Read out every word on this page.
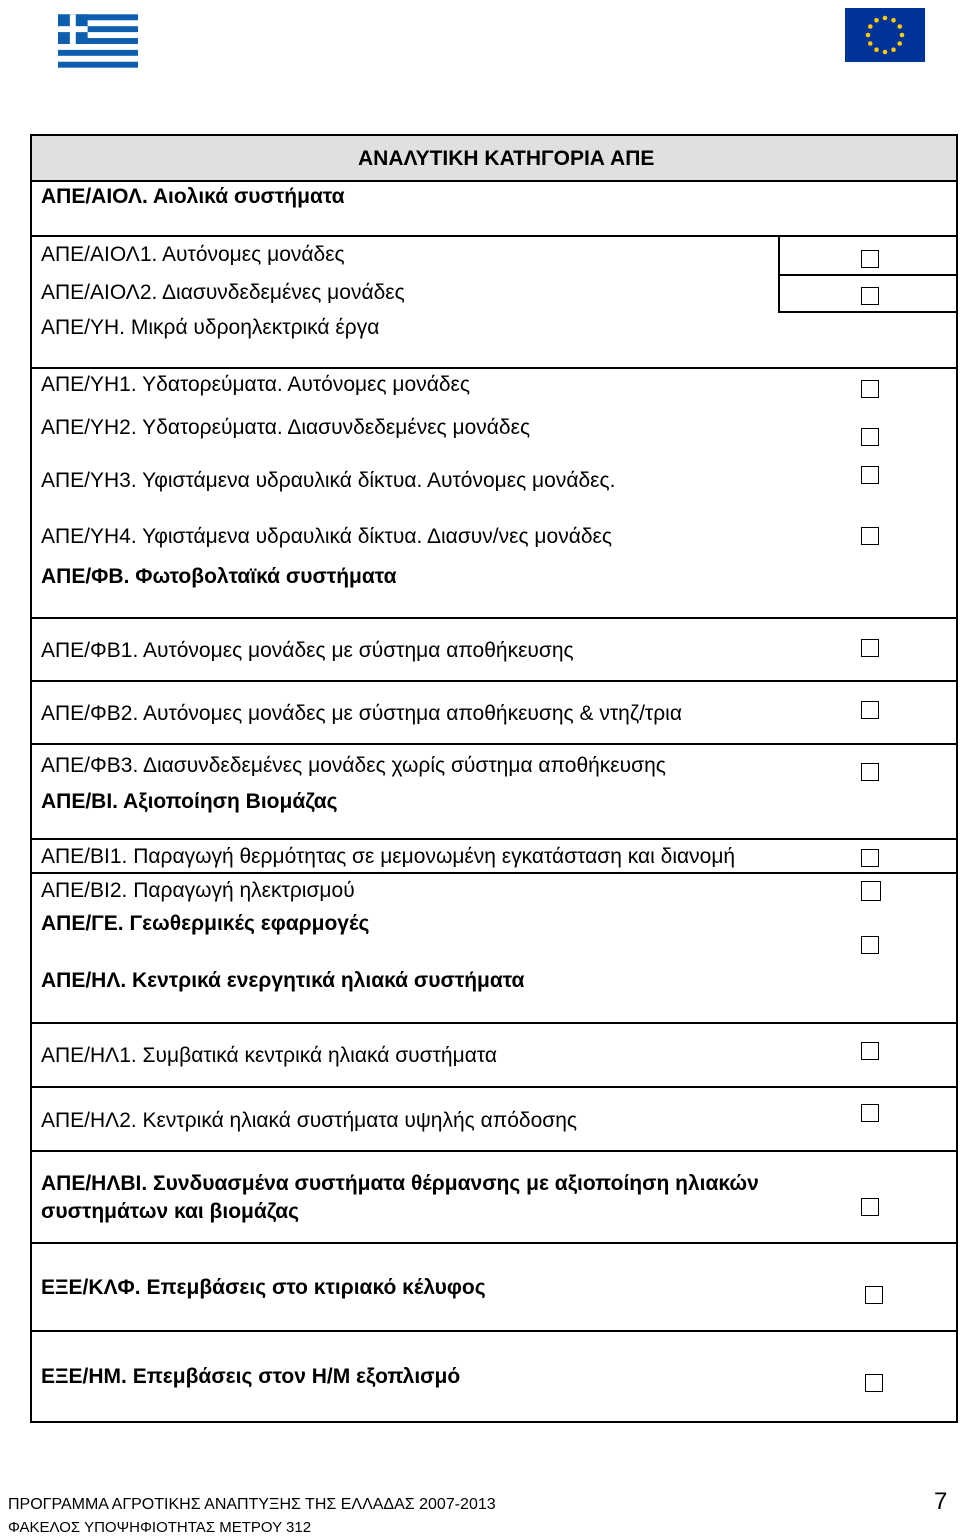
ΑΝΑΛΥΤΙΚΗ ΚΑΤΗΓΟΡΙΑ ΑΠΕ
ΑΠΕ/ΑΙΟΛ. Αιολικά συστήματα
ΑΠΕ/ΑΙΟΛ1. Αυτόνομες μονάδες
ΑΠΕ/ΑΙΟΛ2. Διασυνδεδεμένες μονάδες
ΑΠΕ/ΥΗ. Μικρά υδροηλεκτρικά έργα
ΑΠΕ/ΥΗ1. Υδατορεύματα. Αυτόνομες μονάδες
ΑΠΕ/ΥΗ2. Υδατορεύματα. Διασυνδεδεμένες μονάδες
ΑΠΕ/ΥΗ3. Υφιστάμενα υδραυλικά δίκτυα. Αυτόνομες μονάδες.
ΑΠΕ/ΥΗ4. Υφιστάμενα υδραυλικά δίκτυα. Διασυν/νες μονάδες
ΑΠΕ/ΦΒ. Φωτοβολταϊκά συστήματα
ΑΠΕ/ΦΒ1. Αυτόνομες μονάδες με σύστημα αποθήκευσης
ΑΠΕ/ΦΒ2. Αυτόνομες μονάδες με σύστημα αποθήκευσης & ντηζ/τρια
ΑΠΕ/ΦΒ3. Διασυνδεδεμένες μονάδες χωρίς σύστημα αποθήκευσης
ΑΠΕ/ΒΙ. Αξιοποίηση Βιομάζας
ΑΠΕ/ΒΙ1. Παραγωγή θερμότητας σε μεμονωμένη εγκατάσταση και διανομή
ΑΠΕ/ΒΙ2. Παραγωγή ηλεκτρισμού
ΑΠΕ/ΓΕ. Γεωθερμικές εφαρμογές
ΑΠΕ/ΗΛ. Κεντρικά ενεργητικά ηλιακά συστήματα
ΑΠΕ/ΗΛ1. Συμβατικά κεντρικά ηλιακά συστήματα
ΑΠΕ/ΗΛ2. Κεντρικά ηλιακά συστήματα υψηλής απόδοσης
ΑΠΕ/ΗΛΒΙ. Συνδυασμένα συστήματα θέρμανσης με αξιοποίηση ηλιακών
συστημάτων και βιομάζας
ΕΞΕ/ΚΛΦ. Επεμβάσεις στο κτιριακό κέλυφος
ΕΞΕ/ΗΜ. Επεμβάσεις στον Η/Μ εξοπλισμό
ΠΡΟΓΡΑΜΜΑ ΑΓΡΟΤΙΚΗΣ ΑΝΑΠΤΥΞΗΣ ΤΗΣ ΕΛΛΑΔΑΣ 2007-2013
ΦΑΚΕΛΟΣ ΥΠΟΨΗΦΙΟΤΗΤΑΣ ΜΕΤΡΟΥ 312
7
